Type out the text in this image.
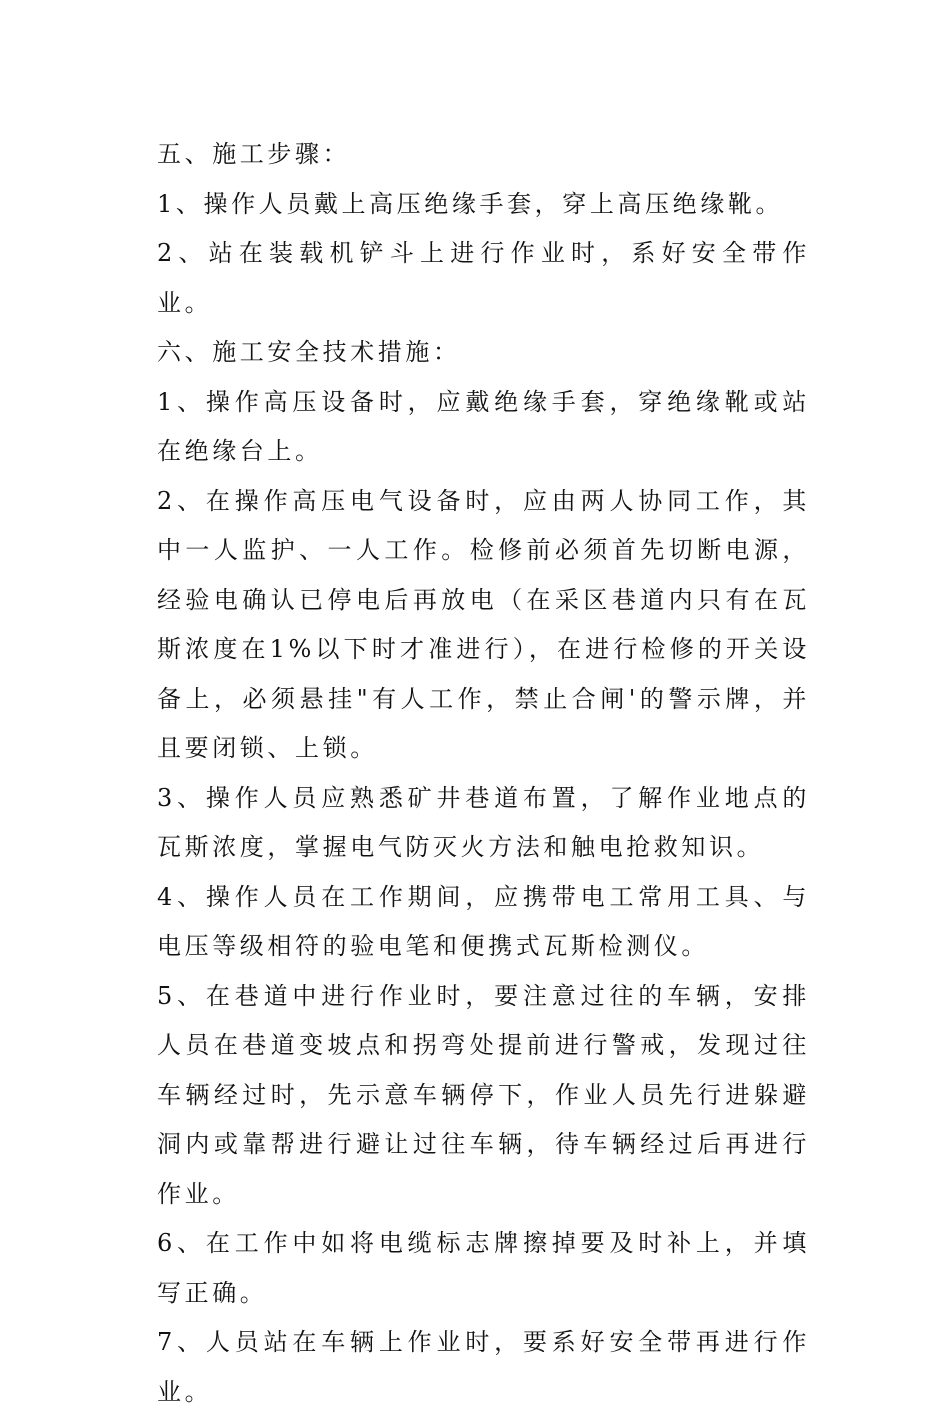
五、施工步骤：

1、操作人员戴上高压绝缘手套，穿上高压绝缘靴。

2、站在装载机铲斗上进行作业时，系好安全带作业。

六、施工安全技术措施：

1、操作高压设备时，应戴绝缘手套，穿绝缘靴或站在绝缘台上。

2、在操作高压电气设备时，应由两人协同工作，其中一人监护、一人工作。检修前必须首先切断电源，经验电确认已停电后再放电（在采区巷道内只有在瓦斯浓度在1%以下时才准进行），在进行检修的开关设备上，必须悬挂"有人工作，禁止合闸'的警示牌，并且要闭锁、上锁。

3、操作人员应熟悉矿井巷道布置，了解作业地点的瓦斯浓度，掌握电气防灭火方法和触电抢救知识。

4、操作人员在工作期间，应携带电工常用工具、与电压等级相符的验电笔和便携式瓦斯检测仪。

5、在巷道中进行作业时，要注意过往的车辆，安排人员在巷道变坡点和拐弯处提前进行警戒，发现过往车辆经过时，先示意车辆停下，作业人员先行进躲避洞内或靠帮进行避让过往车辆，待车辆经过后再进行作业。

6、在工作中如将电缆标志牌擦掉要及时补上，并填写正确。

7、人员站在车辆上作业时，要系好安全带再进行作业。
